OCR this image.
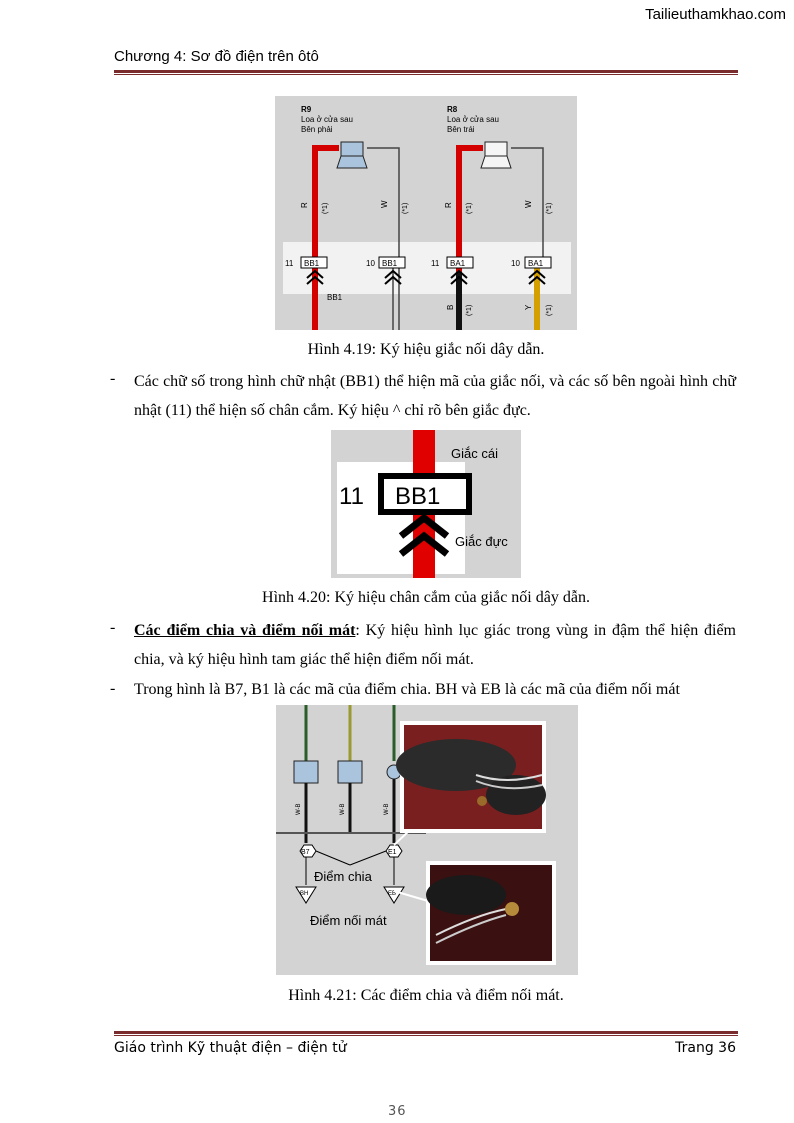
Tailieuthamkhao.com
Chương 4: Sơ đồ điện trên ôtô
R9
Loa ở cửa sau
Bên phải
R8
Loa ở cửa sau
Bên trái
R (*1)	W (*1)	R (*1)	W (*1)
11 BB1	10 BB1	11 BA1	10 BA1
BB1
B (*1)	Y (*1)
Hình 4.19: Ký hiệu giắc nối dây dẫn.
- Các chữ số trong hình chữ nhật (BB1) thể hiện mã của giắc nối, và các số bên ngoài hình chữ nhật (11) thể hiện số chân cắm. Ký hiệu ^ chỉ rõ bên giắc đực.
Giắc cái
11 BB1
Giắc đực
Hình 4.20: Ký hiệu chân cắm của giắc nối dây dẫn.
- Các điểm chia và điểm nối mát: Ký hiệu hình lục giác trong vùng in đậm thể hiện điểm chia, và ký hiệu hình tam giác thể hiện điểm nối mát.
- Trong hình là B7, B1 là các mã của điểm chia. BH và EB là các mã của điểm nối mát
W-B	W-B	W-B
B7	E1
Điểm chia
BH	EB
Điểm nối mát
Hình 4.21: Các điểm chia và điểm nối mát.
Giáo trình Kỹ thuật điện – điện tử	Trang 36
36
